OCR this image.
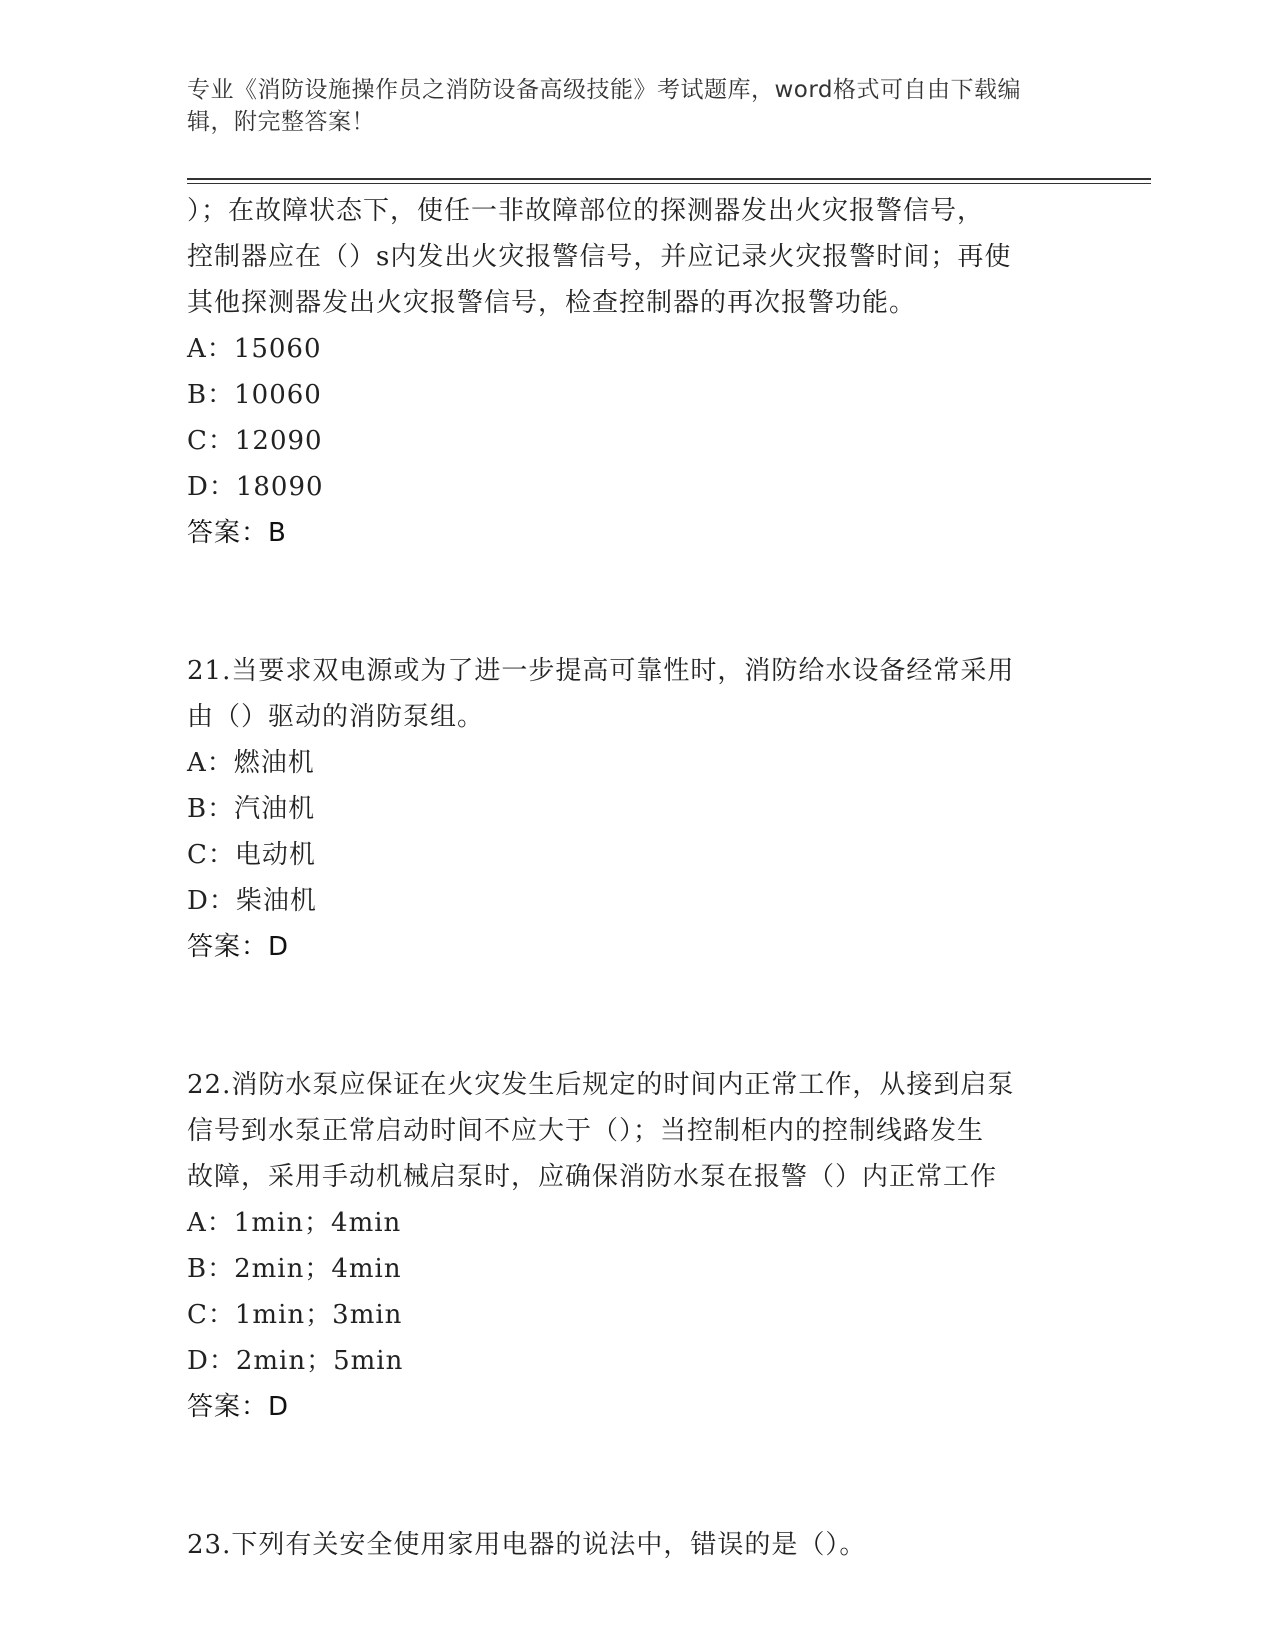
专业《消防设施操作员之消防设备高级技能》考试题库，word格式可自由下载编
辑，附完整答案！
）；在故障状态下，使任一非故障部位的探测器发出火灾报警信号，
控制器应在（）s内发出火灾报警信号，并应记录火灾报警时间；再使
其他探测器发出火灾报警信号，检查控制器的再次报警功能。
A：15060
B：10060
C：12090
D：18090
答案：B
21.当要求双电源或为了进一步提高可靠性时，消防给水设备经常采用
由（）驱动的消防泵组。
A：燃油机
B：汽油机
C：电动机
D：柴油机
答案：D
22.消防水泵应保证在火灾发生后规定的时间内正常工作，从接到启泵
信号到水泵正常启动时间不应大于（）；当控制柜内的控制线路发生
故障，采用手动机械启泵时，应确保消防水泵在报警（）内正常工作
A：1min；4min
B：2min；4min
C：1min；3min
D：2min；5min
答案：D
23.下列有关安全使用家用电器的说法中，错误的是（）。
